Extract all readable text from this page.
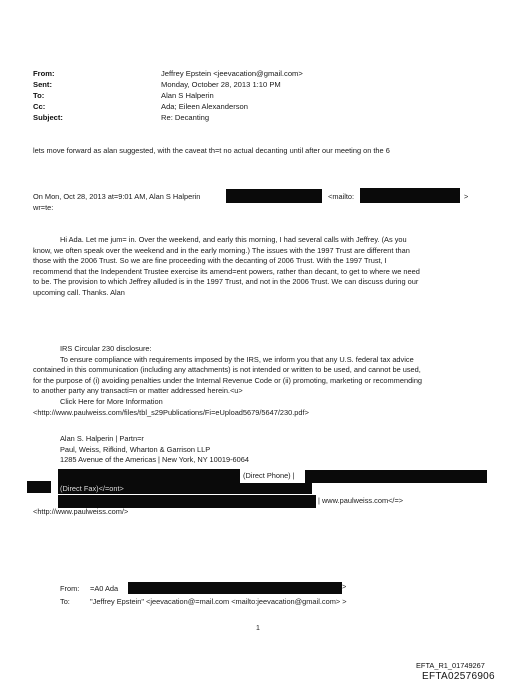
From:	Jeffrey Epstein <jeevacation@gmail.com>
Sent:	Monday, October 28, 2013 1:10 PM
To:	Alan S Halperin
Cc:	Ada; Eileen Alexanderson
Subject:	Re: Decanting
lets move forward as alan suggested, with the caveat th=t no actual decanting until after our meeting on the 6
On Mon, Oct 28, 2013 at=9:01 AM, Alan S Halperin	<mailto:	>
wr=te:
Hi Ada. Let me jum= in. Over the weekend, and early this morning, I had several calls with Jeffrey. (As you
know, we often speak over the weekend and in the early morning.) The issues with the 1997 Trust are different than
those with the 2006 Trust. So we are fine proceeding with the decanting of 2006 Trust. With the 1997 Trust, I
recommend that the Independent Trustee exercise its amend=ent powers, rather than decant, to get to where we need
to be. The provision to which Jeffrey alluded is in the 1997 Trust, and not in the 2006 Trust. We can discuss during our
upcoming call. Thanks. Alan
IRS Circular 230 disclosure:
To ensure compliance with requirements imposed by the IRS, we inform you that any U.S. federal tax advice
contained in this communication (including any attachments) is not intended or written to be used, and cannot be used,
for the purpose of (i) avoiding penalties under the Internal Revenue Code or (ii) promoting, marketing or recommending
to another party any transacti=n or matter addressed herein.<u>
Click Here for More Information
<http://www.paulweiss.com/files/tbl_s29Publications/Fi=eUpload5679/5647/230.pdf>
Alan S. Halperin | Partn=r
Paul, Weiss, Rifkind, Wharton & Garrison LLP
1285 Avenue of the Americas | New York, NY 10019-6064
(Direct Phone) |
(Direct Fax)</=ont>
| www.paulweiss.com</=>
<http://www.paulweiss.com/>
From: =A0 Ada	>
To:	"Jeffrey Epstein" <jeevacation@=mail.com <mailto:jeevacation@gmail.com> >
1
EFTA_R1_01749267
EFTA02576906
